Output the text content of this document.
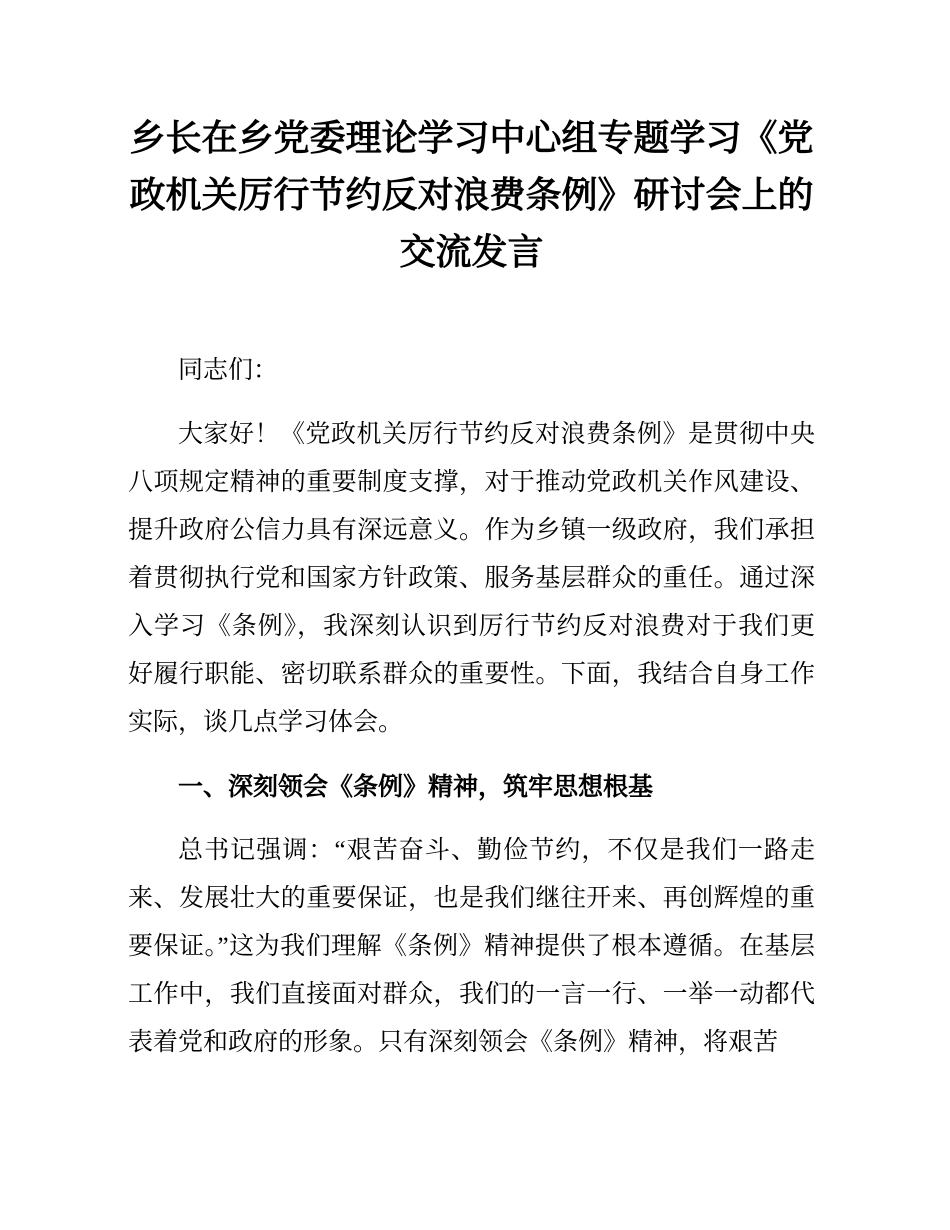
乡长在乡党委理论学习中心组专题学习《党政机关厉行节约反对浪费条例》研讨会上的交流发言

同志们：

大家好！《党政机关厉行节约反对浪费条例》是贯彻中央八项规定精神的重要制度支撑，对于推动党政机关作风建设、提升政府公信力具有深远意义。作为乡镇一级政府，我们承担着贯彻执行党和国家方针政策、服务基层群众的重任。通过深入学习《条例》，我深刻认识到厉行节约反对浪费对于我们更好履行职能、密切联系群众的重要性。下面，我结合自身工作实际，谈几点学习体会。

一、深刻领会《条例》精神，筑牢思想根基

总书记强调：“艰苦奋斗、勤俭节约，不仅是我们一路走来、发展壮大的重要保证，也是我们继往开来、再创辉煌的重要保证。”这为我们理解《条例》精神提供了根本遵循。在基层工作中，我们直接面对群众，我们的一言一行、一举一动都代表着党和政府的形象。只有深刻领会《条例》精神，将艰苦
